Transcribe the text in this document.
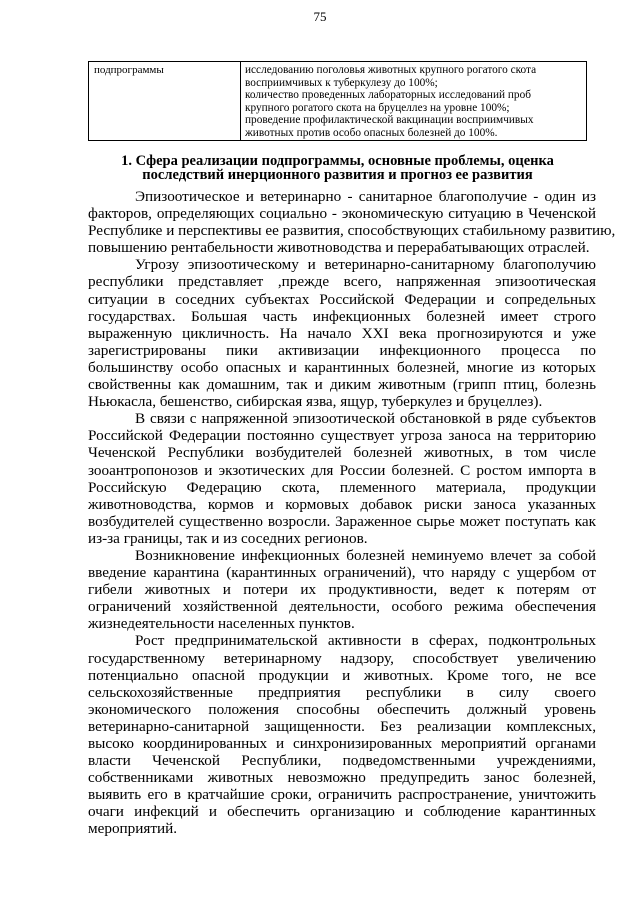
75
подпрограммы	исследованию поголовья животных крупного рогатого скота
восприимчивых к туберкулезу до 100%;
количество проведенных лабораторных исследований проб
крупного рогатого скота на бруцеллез на уровне 100%;
проведение профилактической вакцинации восприимчивых
животных против особо опасных болезней до 100%.
1. Сфера реализации подпрограммы, основные проблемы, оценка
последствий инерционного развития и прогноз ее развития
Эпизоотическое и ветеринарно - санитарное благополучие - один из
факторов, определяющих социально - экономическую ситуацию в Чеченской
Республике и перспективы ее развития, способствующих стабильному развитию,
повышению рентабельности животноводства и перерабатывающих отраслей.
Угрозу эпизоотическому и ветеринарно-санитарному благополучию
республики представляет ,прежде всего, напряженная эпизоотическая
ситуации в соседних субъектах Российской Федерации и сопредельных
государствах. Большая часть инфекционных болезней имеет строго
выраженную цикличность. На начало XXI века прогнозируются и уже
зарегистрированы пики активизации инфекционного процесса по
большинству особо опасных и карантинных болезней, многие из которых
свойственны как домашним, так и диким животным (грипп птиц, болезнь
Ньюкасла, бешенство, сибирская язва, ящур, туберкулез и бруцеллез).
В связи с напряженной эпизоотической обстановкой в ряде субъектов
Российской Федерации постоянно существует угроза заноса на территорию
Чеченской Республики возбудителей болезней животных, в том числе
зооантропонозов и экзотических для России болезней. С ростом импорта в
Российскую Федерацию скота, племенного материала, продукции
животноводства, кормов и кормовых добавок риски заноса указанных
возбудителей существенно возросли. Зараженное сырье может поступать как
из-за границы, так и из соседних регионов.
Возникновение инфекционных болезней неминуемо влечет за собой
введение карантина (карантинных ограничений), что наряду с ущербом от
гибели животных и потери их продуктивности, ведет к потерям от
ограничений хозяйственной деятельности, особого режима обеспечения
жизнедеятельности населенных пунктов.
Рост предпринимательской активности в сферах, подконтрольных
государственному ветеринарному надзору, способствует увеличению
потенциально опасной продукции и животных. Кроме того, не все
сельскохозяйственные предприятия республики в силу своего
экономического положения способны обеспечить должный уровень
ветеринарно-санитарной защищенности. Без реализации комплексных,
высоко координированных и синхронизированных мероприятий органами
власти Чеченской Республики, подведомственными учреждениями,
собственниками животных невозможно предупредить занос болезней,
выявить его в кратчайшие сроки, ограничить распространение, уничтожить
очаги инфекций и обеспечить организацию и соблюдение карантинных
мероприятий.
